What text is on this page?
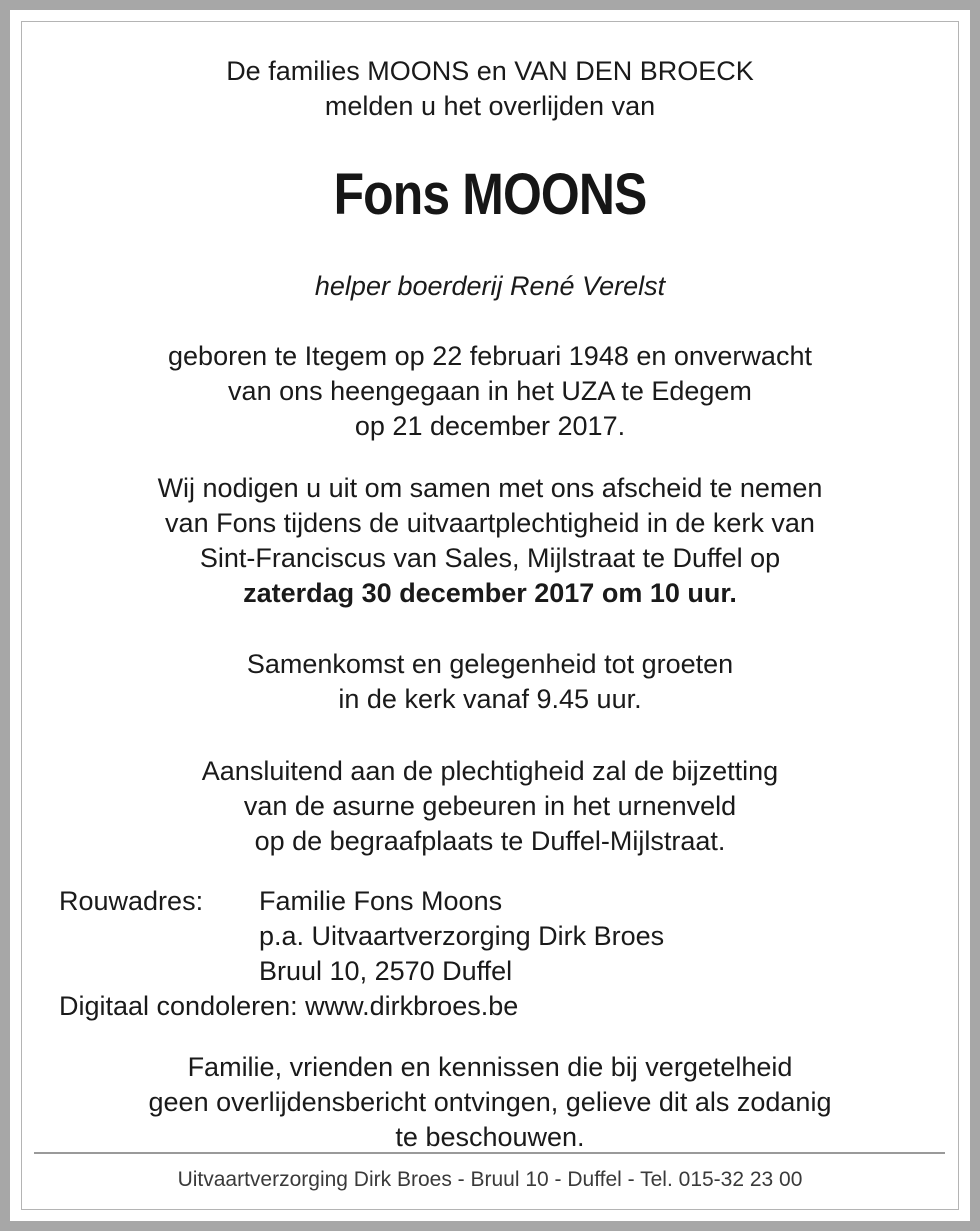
De families MOONS en VAN DEN BROECK
melden u het overlijden van
Fons MOONS
helper boerderij René Verelst
geboren te Itegem op 22 februari 1948 en onverwacht
van ons heengegaan in het UZA te Edegem
op 21 december 2017.
Wij nodigen u uit om samen met ons afscheid te nemen
van Fons tijdens de uitvaartplechtigheid in de kerk van
Sint-Franciscus van Sales, Mijlstraat te Duffel op
zaterdag 30 december 2017 om 10 uur.
Samenkomst en gelegenheid tot groeten
in de kerk vanaf 9.45 uur.
Aansluitend aan de plechtigheid zal de bijzetting
van de asurne gebeuren in het urnenveld
op de begraafplaats te Duffel-Mijlstraat.
Rouwadres:	Familie Fons Moons
p.a. Uitvaartverzorging Dirk Broes
Bruul 10, 2570 Duffel
Digitaal condoleren: www.dirkbroes.be
Familie, vrienden en kennissen die bij vergetelheid
geen overlijdensbericht ontvingen, gelieve dit als zodanig
te beschouwen.
Uitvaartverzorging Dirk Broes - Bruul 10 - Duffel - Tel. 015-32 23 00
